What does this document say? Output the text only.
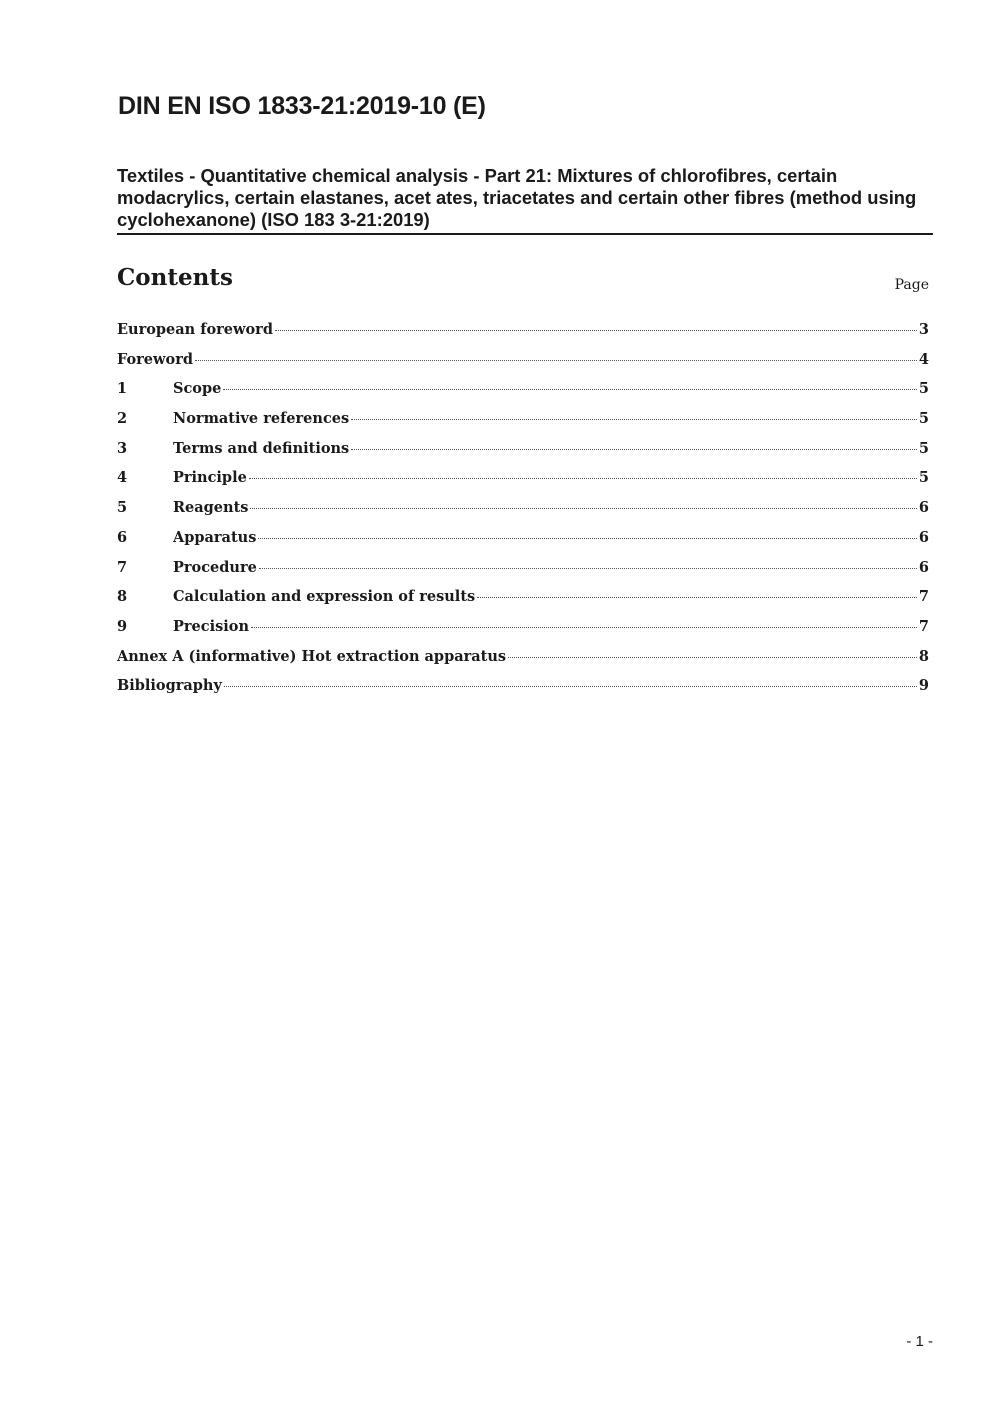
DIN EN ISO 1833-21:2019-10 (E)
Textiles - Quantitative chemical analysis - Part 21: Mixtures of chlorofibres, certain modacrylics, certain elastanes, acet ates, triacetates and certain other fibres (method using cyclohexanone) (ISO 183 3-21:2019)
Contents	Page
European foreword	3
Foreword	4
1	Scope	5
2	Normative references	5
3	Terms and definitions	5
4	Principle	5
5	Reagents	6
6	Apparatus	6
7	Procedure	6
8	Calculation and expression of results	7
9	Precision	7
Annex A (informative) Hot extraction apparatus	8
Bibliography	9
- 1 -
